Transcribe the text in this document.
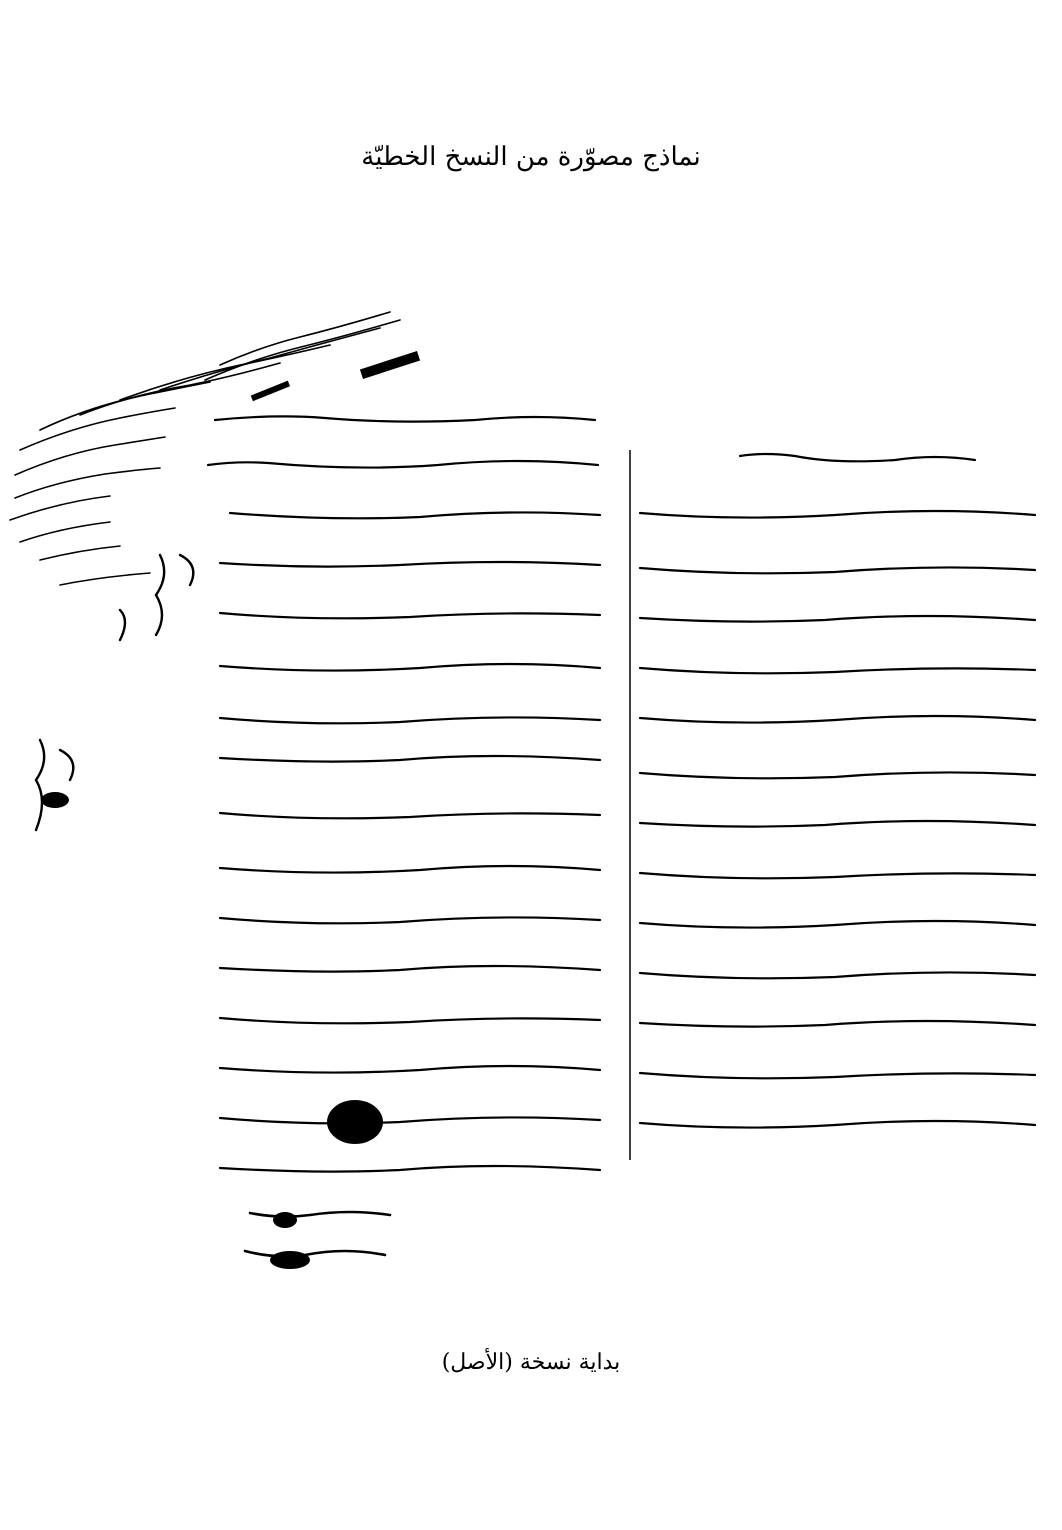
نماذج مصوّرة من النسخ الخطيّة
بداية نسخة (الأصل)
